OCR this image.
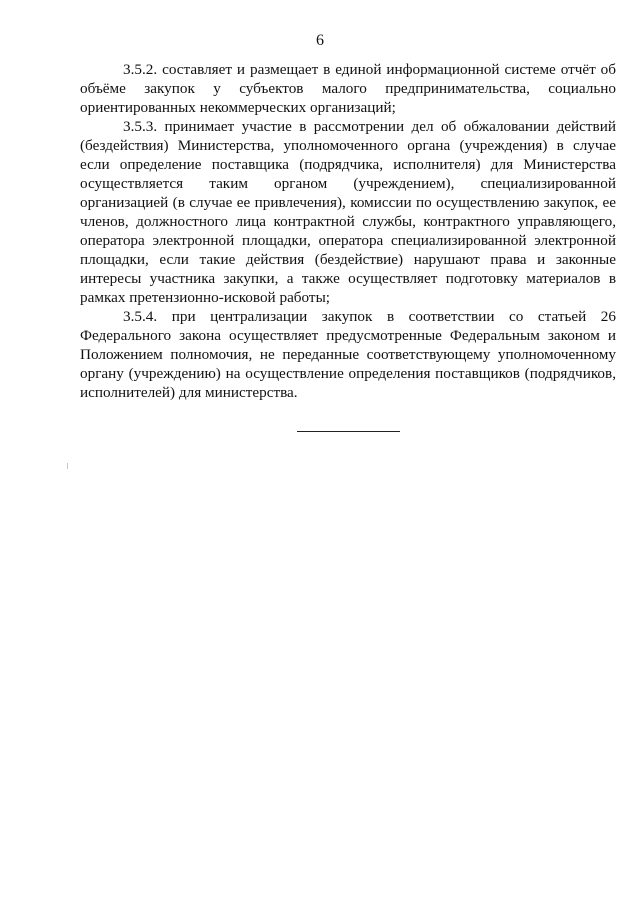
6

3.5.2. составляет и размещает в единой информационной системе отчёт об объёме закупок у субъектов малого предпринимательства, социально ориентированных некоммерческих организаций;

3.5.3. принимает участие в рассмотрении дел об обжаловании действий (бездействия) Министерства, уполномоченного органа (учреждения) в случае если определение поставщика (подрядчика, исполнителя) для Министерства осуществляется таким органом (учреждением), специализированной организацией (в случае ее привлечения), комиссии по осуществлению закупок, ее членов, должностного лица контрактной службы, контрактного управляющего, оператора электронной площадки, оператора специализированной электронной площадки, если такие действия (бездействие) нарушают права и законные интересы участника закупки, а также осуществляет подготовку материалов в рамках претензионно-исковой работы;

3.5.4. при централизации закупок в соответствии со статьей 26 Федерального закона осуществляет предусмотренные Федеральным законом и Положением полномочия, не переданные соответствующему уполномоченному органу (учреждению) на осуществление определения поставщиков (подрядчиков, исполнителей) для министерства.
